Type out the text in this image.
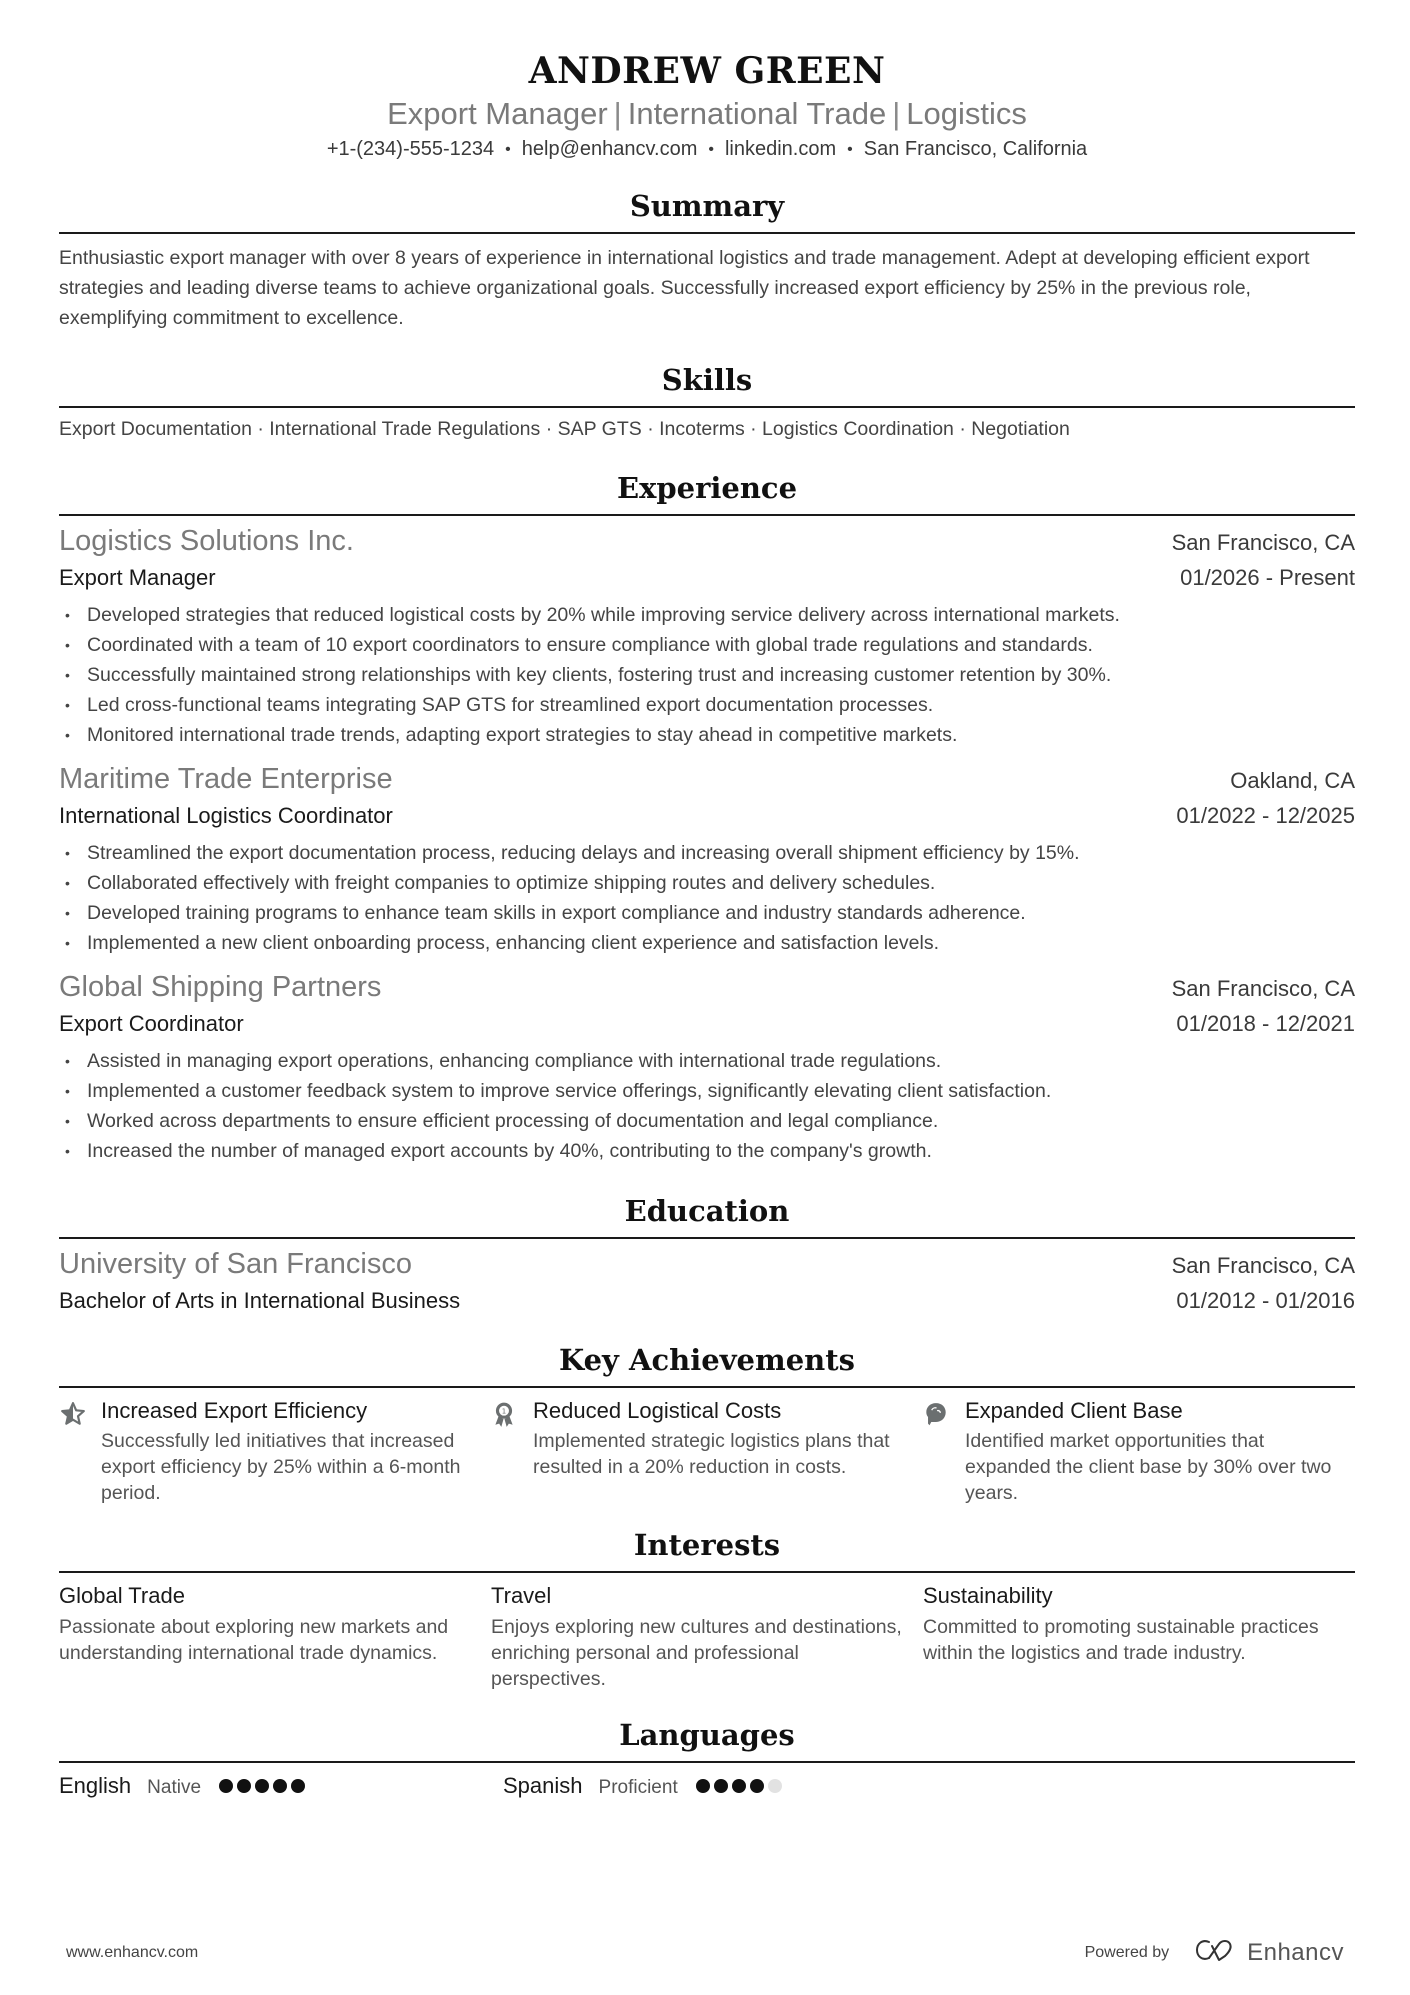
ANDREW GREEN
Export Manager | International Trade | Logistics
+1-(234)-555-1234 • help@enhancv.com • linkedin.com • San Francisco, California
Summary
Enthusiastic export manager with over 8 years of experience in international logistics and trade management. Adept at developing efficient export strategies and leading diverse teams to achieve organizational goals. Successfully increased export efficiency by 25% in the previous role, exemplifying commitment to excellence.
Skills
Export Documentation · International Trade Regulations · SAP GTS · Incoterms · Logistics Coordination · Negotiation
Experience
Logistics Solutions Inc.	San Francisco, CA
Export Manager	01/2026 - Present
• Developed strategies that reduced logistical costs by 20% while improving service delivery across international markets.
• Coordinated with a team of 10 export coordinators to ensure compliance with global trade regulations and standards.
• Successfully maintained strong relationships with key clients, fostering trust and increasing customer retention by 30%.
• Led cross-functional teams integrating SAP GTS for streamlined export documentation processes.
• Monitored international trade trends, adapting export strategies to stay ahead in competitive markets.
Maritime Trade Enterprise	Oakland, CA
International Logistics Coordinator	01/2022 - 12/2025
• Streamlined the export documentation process, reducing delays and increasing overall shipment efficiency by 15%.
• Collaborated effectively with freight companies to optimize shipping routes and delivery schedules.
• Developed training programs to enhance team skills in export compliance and industry standards adherence.
• Implemented a new client onboarding process, enhancing client experience and satisfaction levels.
Global Shipping Partners	San Francisco, CA
Export Coordinator	01/2018 - 12/2021
• Assisted in managing export operations, enhancing compliance with international trade regulations.
• Implemented a customer feedback system to improve service offerings, significantly elevating client satisfaction.
• Worked across departments to ensure efficient processing of documentation and legal compliance.
• Increased the number of managed export accounts by 40%, contributing to the company's growth.
Education
University of San Francisco	San Francisco, CA
Bachelor of Arts in International Business	01/2012 - 01/2016
Key Achievements
Increased Export Efficiency
Successfully led initiatives that increased export efficiency by 25% within a 6-month period.
1 Reduced Logistical Costs
Implemented strategic logistics plans that resulted in a 20% reduction in costs.
Expanded Client Base
Identified market opportunities that expanded the client base by 30% over two years.
Interests
Global Trade
Passionate about exploring new markets and understanding international trade dynamics.
Travel
Enjoys exploring new cultures and destinations, enriching personal and professional perspectives.
Sustainability
Committed to promoting sustainable practices within the logistics and trade industry.
Languages
English Native	Spanish Proficient
www.enhancv.com	Powered by	Enhancv
